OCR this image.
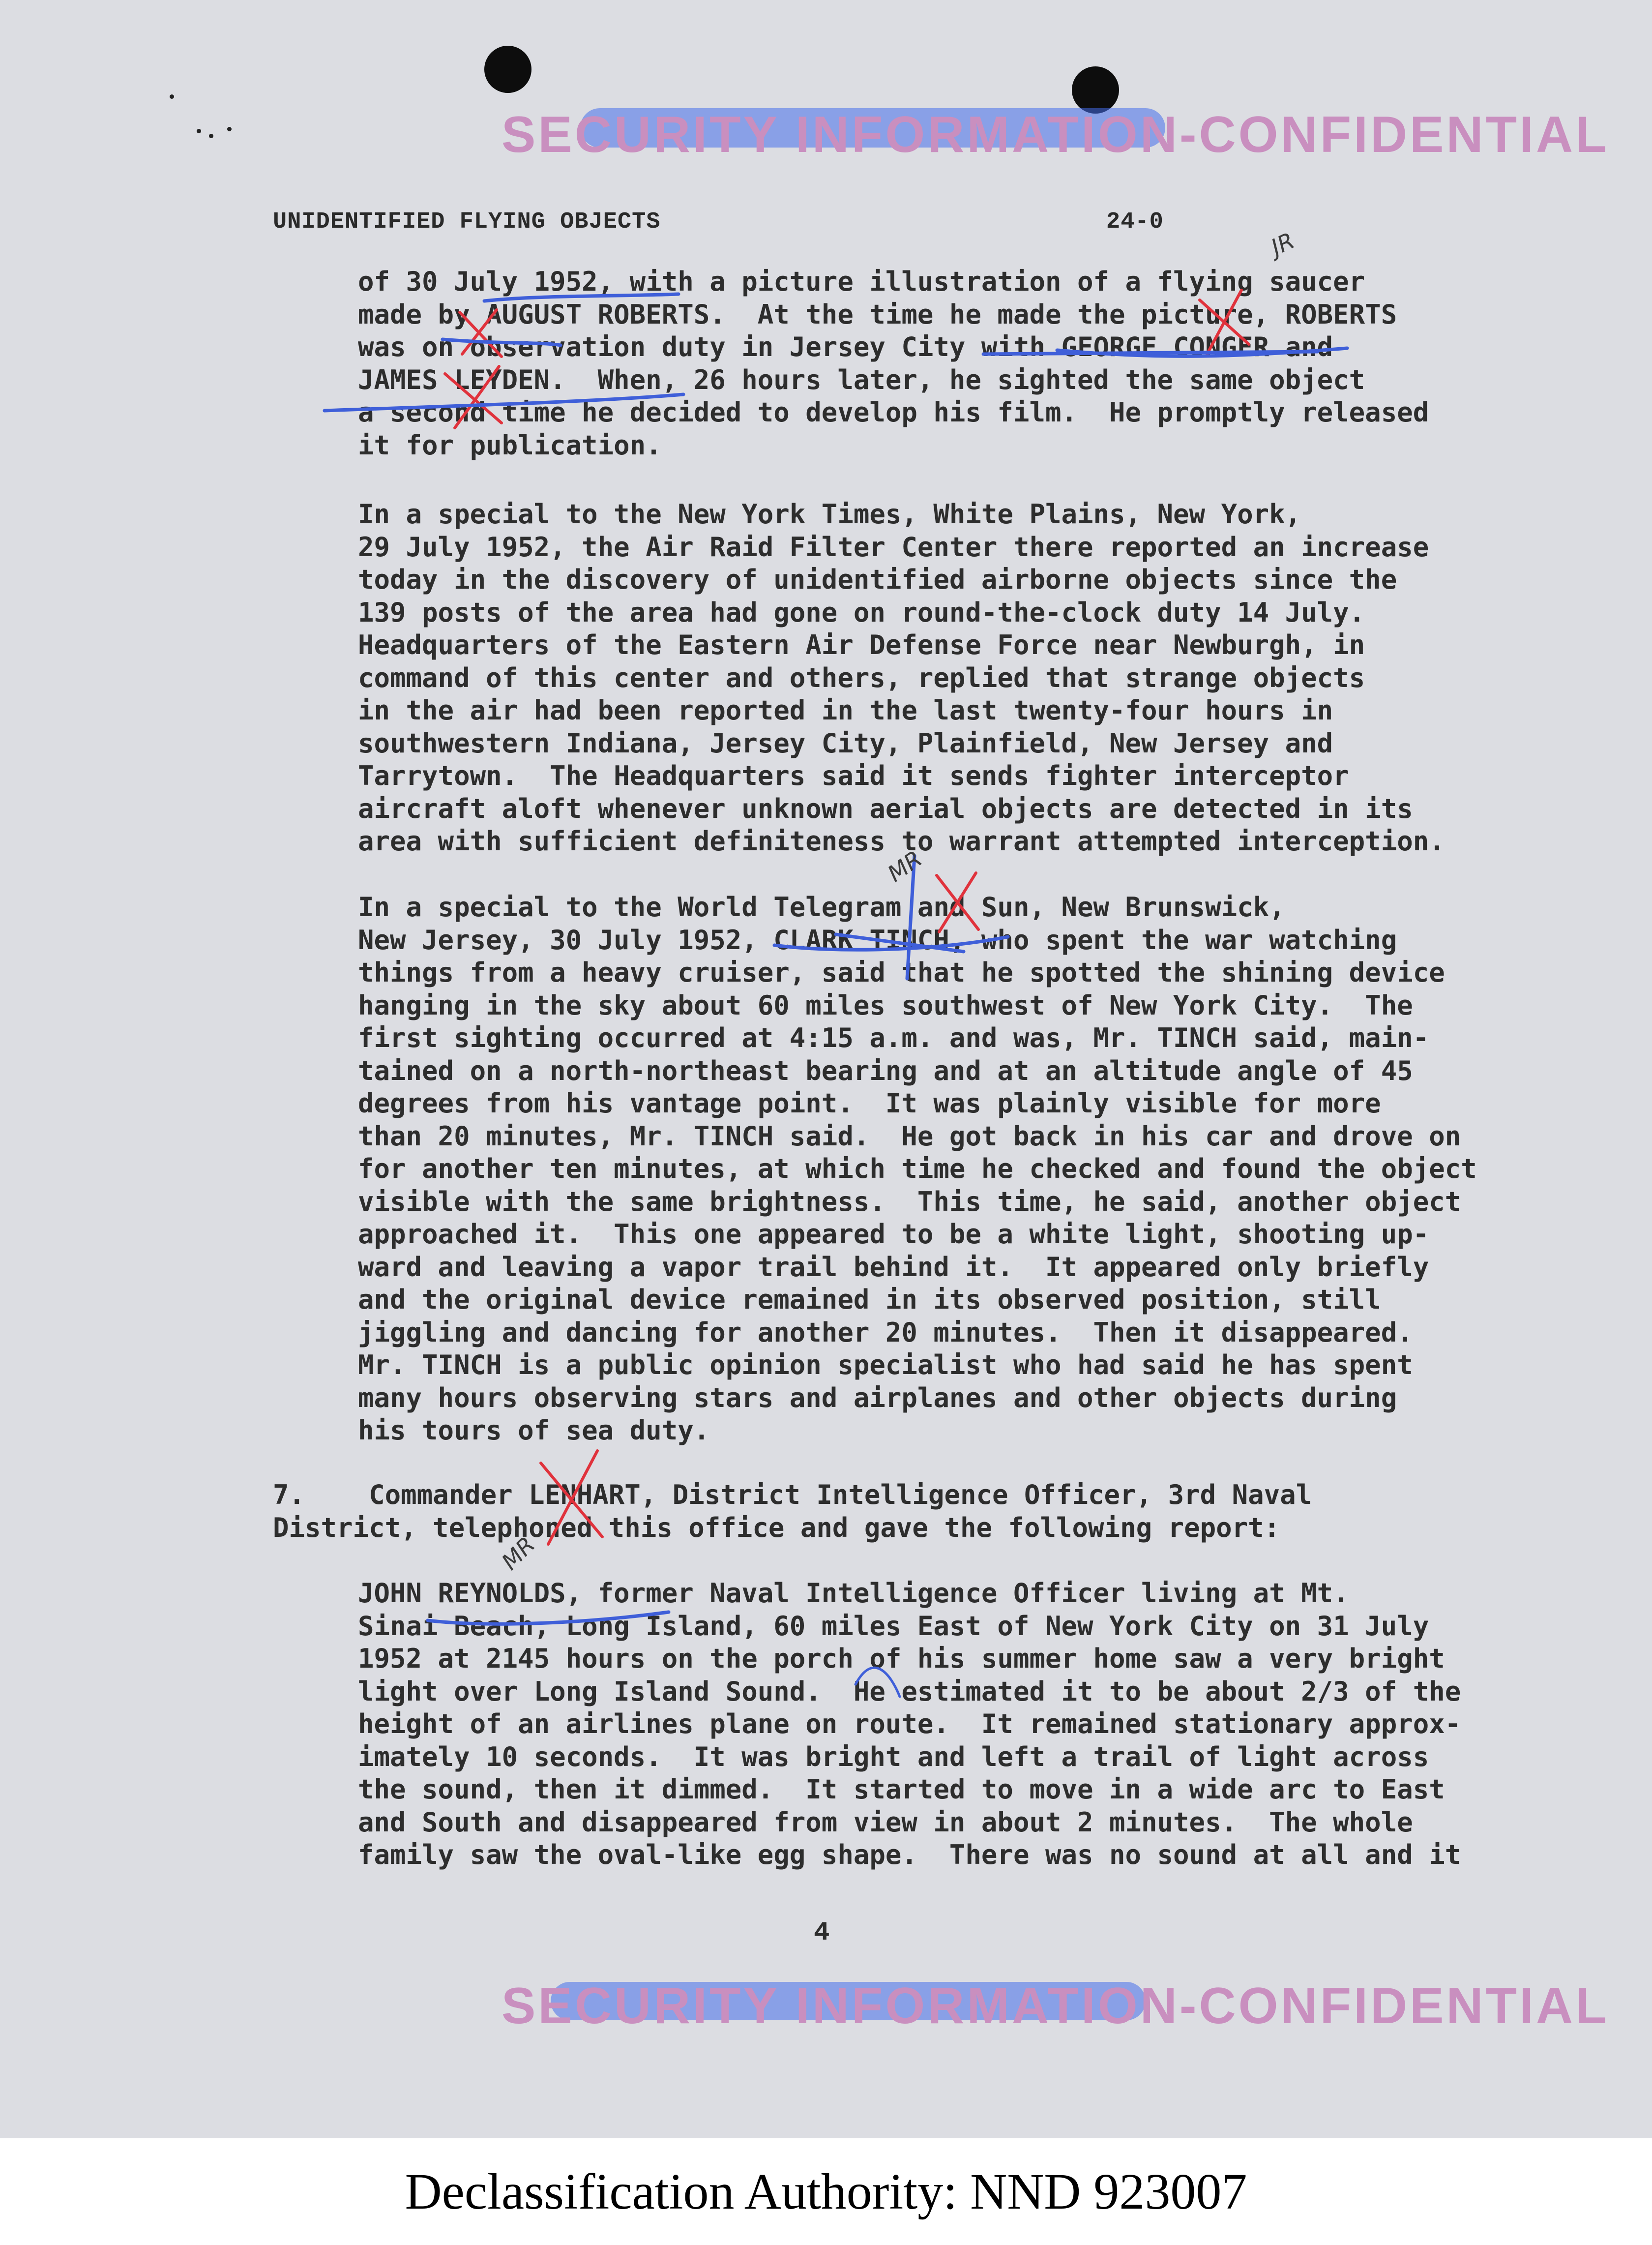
SECURITY INFORMATION-CONFIDENTIAL
UNIDENTIFIED FLYING OBJECTS	24-0
of 30 July 1952, with a picture illustration of a flying saucer
made by AUGUST ROBERTS.  At the time he made the picture, ROBERTS
was on observation duty in Jersey City with GEORGE CONGER and
JAMES LEYDEN.  When, 26 hours later, he sighted the same object
a second time he decided to develop his film.  He promptly released
it for publication.
In a special to the New York Times, White Plains, New York,
29 July 1952, the Air Raid Filter Center there reported an increase
today in the discovery of unidentified airborne objects since the
139 posts of the area had gone on round-the-clock duty 14 July.
Headquarters of the Eastern Air Defense Force near Newburgh, in
command of this center and others, replied that strange objects
in the air had been reported in the last twenty-four hours in
southwestern Indiana, Jersey City, Plainfield, New Jersey and
Tarrytown.  The Headquarters said it sends fighter interceptor
aircraft aloft whenever unknown aerial objects are detected in its
area with sufficient definiteness to warrant attempted interception.
In a special to the World Telegram and Sun, New Brunswick,
New Jersey, 30 July 1952, CLARK TINCH, who spent the war watching
things from a heavy cruiser, said that he spotted the shining device
hanging in the sky about 60 miles southwest of New York City.  The
first sighting occurred at 4:15 a.m. and was, Mr. TINCH said, main-
tained on a north-northeast bearing and at an altitude angle of 45
degrees from his vantage point.  It was plainly visible for more
than 20 minutes, Mr. TINCH said.  He got back in his car and drove on
for another ten minutes, at which time he checked and found the object
visible with the same brightness.  This time, he said, another object
approached it.  This one appeared to be a white light, shooting up-
ward and leaving a vapor trail behind it.  It appeared only briefly
and the original device remained in its observed position, still
jiggling and dancing for another 20 minutes.  Then it disappeared.
Mr. TINCH is a public opinion specialist who had said he has spent
many hours observing stars and airplanes and other objects during
his tours of sea duty.
7.    Commander LENHART, District Intelligence Officer, 3rd Naval
District, telephoned this office and gave the following report:
JOHN REYNOLDS, former Naval Intelligence Officer living at Mt.
Sinai Beach, Long Island, 60 miles East of New York City on 31 July
1952 at 2145 hours on the porch of his summer home saw a very bright
light over Long Island Sound.  He estimated it to be about 2/3 of the
height of an airlines plane on route.  It remained stationary approx-
imately 10 seconds.  It was bright and left a trail of light across
the sound, then it dimmed.  It started to move in a wide arc to East
and South and disappeared from view in about 2 minutes.  The whole
family saw the oval-like egg shape.  There was no sound at all and it
4
SECURITY INFORMATION-CONFIDENTIAL
JR
MR
MR
Declassification Authority: NND 923007
